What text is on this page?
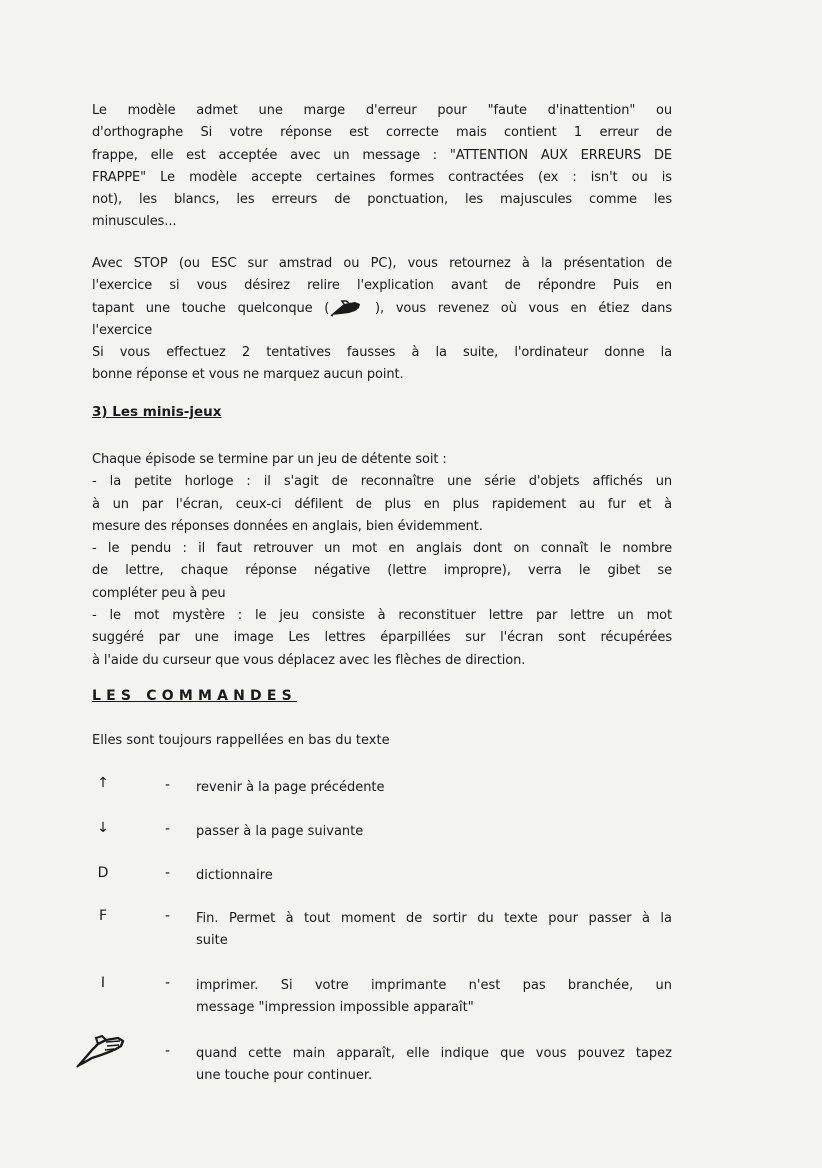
Le modèle admet une marge d'erreur pour "faute d'inattention" ou
d'orthographe Si votre réponse est correcte mais contient 1 erreur de
frappe, elle est acceptée avec un message : "ATTENTION AUX ERREURS DE
FRAPPE" Le modèle accepte certaines formes contractées (ex : isn't ou is
not), les blancs, les erreurs de ponctuation, les majuscules comme les
minuscules...
Avec STOP (ou ESC sur amstrad ou PC), vous retournez à la présentation de
l'exercice si vous désirez relire l'explication avant de répondre Puis en
tapant une touche quelconque (	), vous revenez où vous en étiez dans
l'exercice
Si vous effectuez 2 tentatives fausses à la suite, l'ordinateur donne la
bonne réponse et vous ne marquez aucun point.
3) Les minis-jeux
Chaque épisode se termine par un jeu de détente soit :
- la petite horloge : il s'agit de reconnaître une série d'objets affichés un
à un par l'écran, ceux-ci défilent de plus en plus rapidement au fur et à
mesure des réponses données en anglais, bien évidemment.
- le pendu : il faut retrouver un mot en anglais dont on connaît le nombre
de lettre, chaque réponse négative (lettre impropre), verra le gibet se
compléter peu à peu
- le mot mystère : le jeu consiste à reconstituer lettre par lettre un mot
suggéré par une image Les lettres éparpillées sur l'écran sont récupérées
à l'aide du curseur que vous déplacez avec les flèches de direction.
LES COMMANDES
Elles sont toujours rappellées en bas du texte
↑	- revenir à la page précédente
↓	- passer à la page suivante
D	- dictionnaire
F	- Fin. Permet à tout moment de sortir du texte pour passer à la
suite
I	- imprimer. Si votre imprimante n'est pas branchée, un
message "impression impossible apparaît"
- quand cette main apparaît, elle indique que vous pouvez tapez
une touche pour continuer.
